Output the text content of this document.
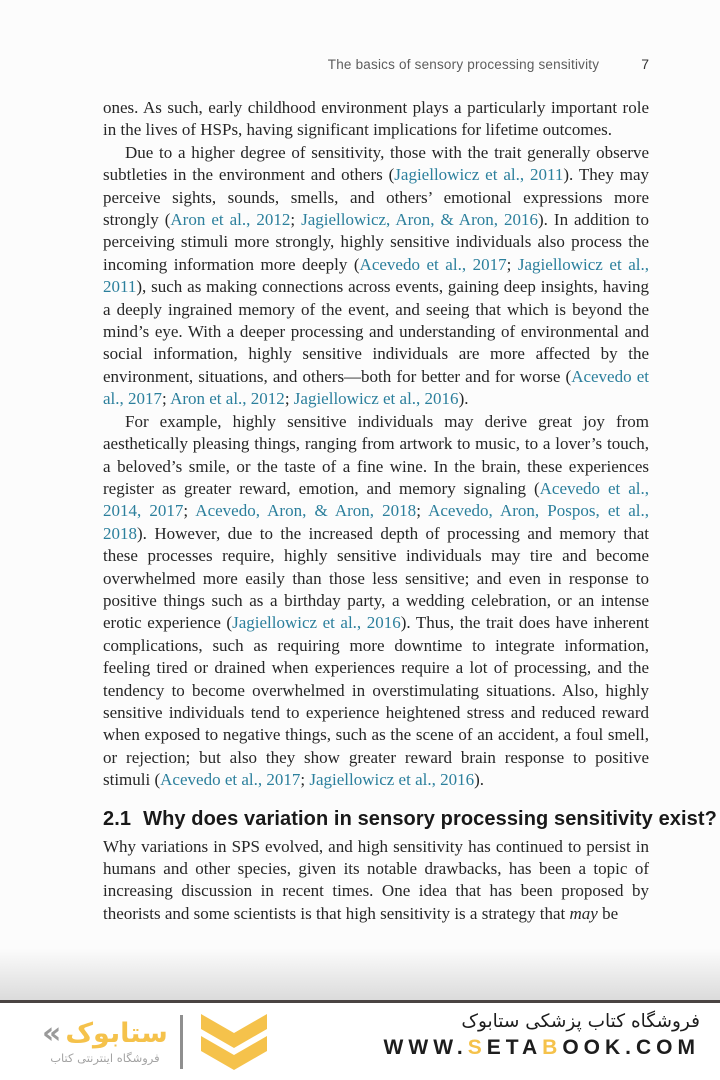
The basics of sensory processing sensitivity	7

ones. As such, early childhood environment plays a particularly important role in the lives of HSPs, having significant implications for lifetime outcomes.

Due to a higher degree of sensitivity, those with the trait generally observe subtleties in the environment and others (Jagiellowicz et al., 2011). They may perceive sights, sounds, smells, and others’ emotional expressions more strongly (Aron et al., 2012; Jagiellowicz, Aron, & Aron, 2016). In addition to perceiving stimuli more strongly, highly sensitive individuals also process the incoming information more deeply (Acevedo et al., 2017; Jagiellowicz et al., 2011), such as making connections across events, gaining deep insights, having a deeply ingrained memory of the event, and seeing that which is beyond the mind’s eye. With a deeper processing and understanding of environmental and social information, highly sensitive individuals are more affected by the environment, situations, and others—both for better and for worse (Acevedo et al., 2017; Aron et al., 2012; Jagiellowicz et al., 2016).

For example, highly sensitive individuals may derive great joy from aesthetically pleasing things, ranging from artwork to music, to a lover’s touch, a beloved’s smile, or the taste of a fine wine. In the brain, these experiences register as greater reward, emotion, and memory signaling (Acevedo et al., 2014, 2017; Acevedo, Aron, & Aron, 2018; Acevedo, Aron, Pospos, et al., 2018). However, due to the increased depth of processing and memory that these processes require, highly sensitive individuals may tire and become overwhelmed more easily than those less sensitive; and even in response to positive things such as a birthday party, a wedding celebration, or an intense erotic experience (Jagiellowicz et al., 2016). Thus, the trait does have inherent complications, such as requiring more downtime to integrate information, feeling tired or drained when experiences require a lot of processing, and the tendency to become overwhelmed in overstimulating situations. Also, highly sensitive individuals tend to experience heightened stress and reduced reward when exposed to negative things, such as the scene of an accident, a foul smell, or rejection; but also they show greater reward brain response to positive stimuli (Acevedo et al., 2017; Jagiellowicz et al., 2016).

2.1 Why does variation in sensory processing sensitivity exist?

Why variations in SPS evolved, and high sensitivity has continued to persist in humans and other species, given its notable drawbacks, has been a topic of increasing discussion in recent times. One idea that has been proposed by theorists and some scientists is that high sensitivity is a strategy that may be

« ستابوک
فروشگاه اینترنتی کتاب
فروشگاه کتاب پزشکی ستابوک
WWW.SETABOOK.COM
